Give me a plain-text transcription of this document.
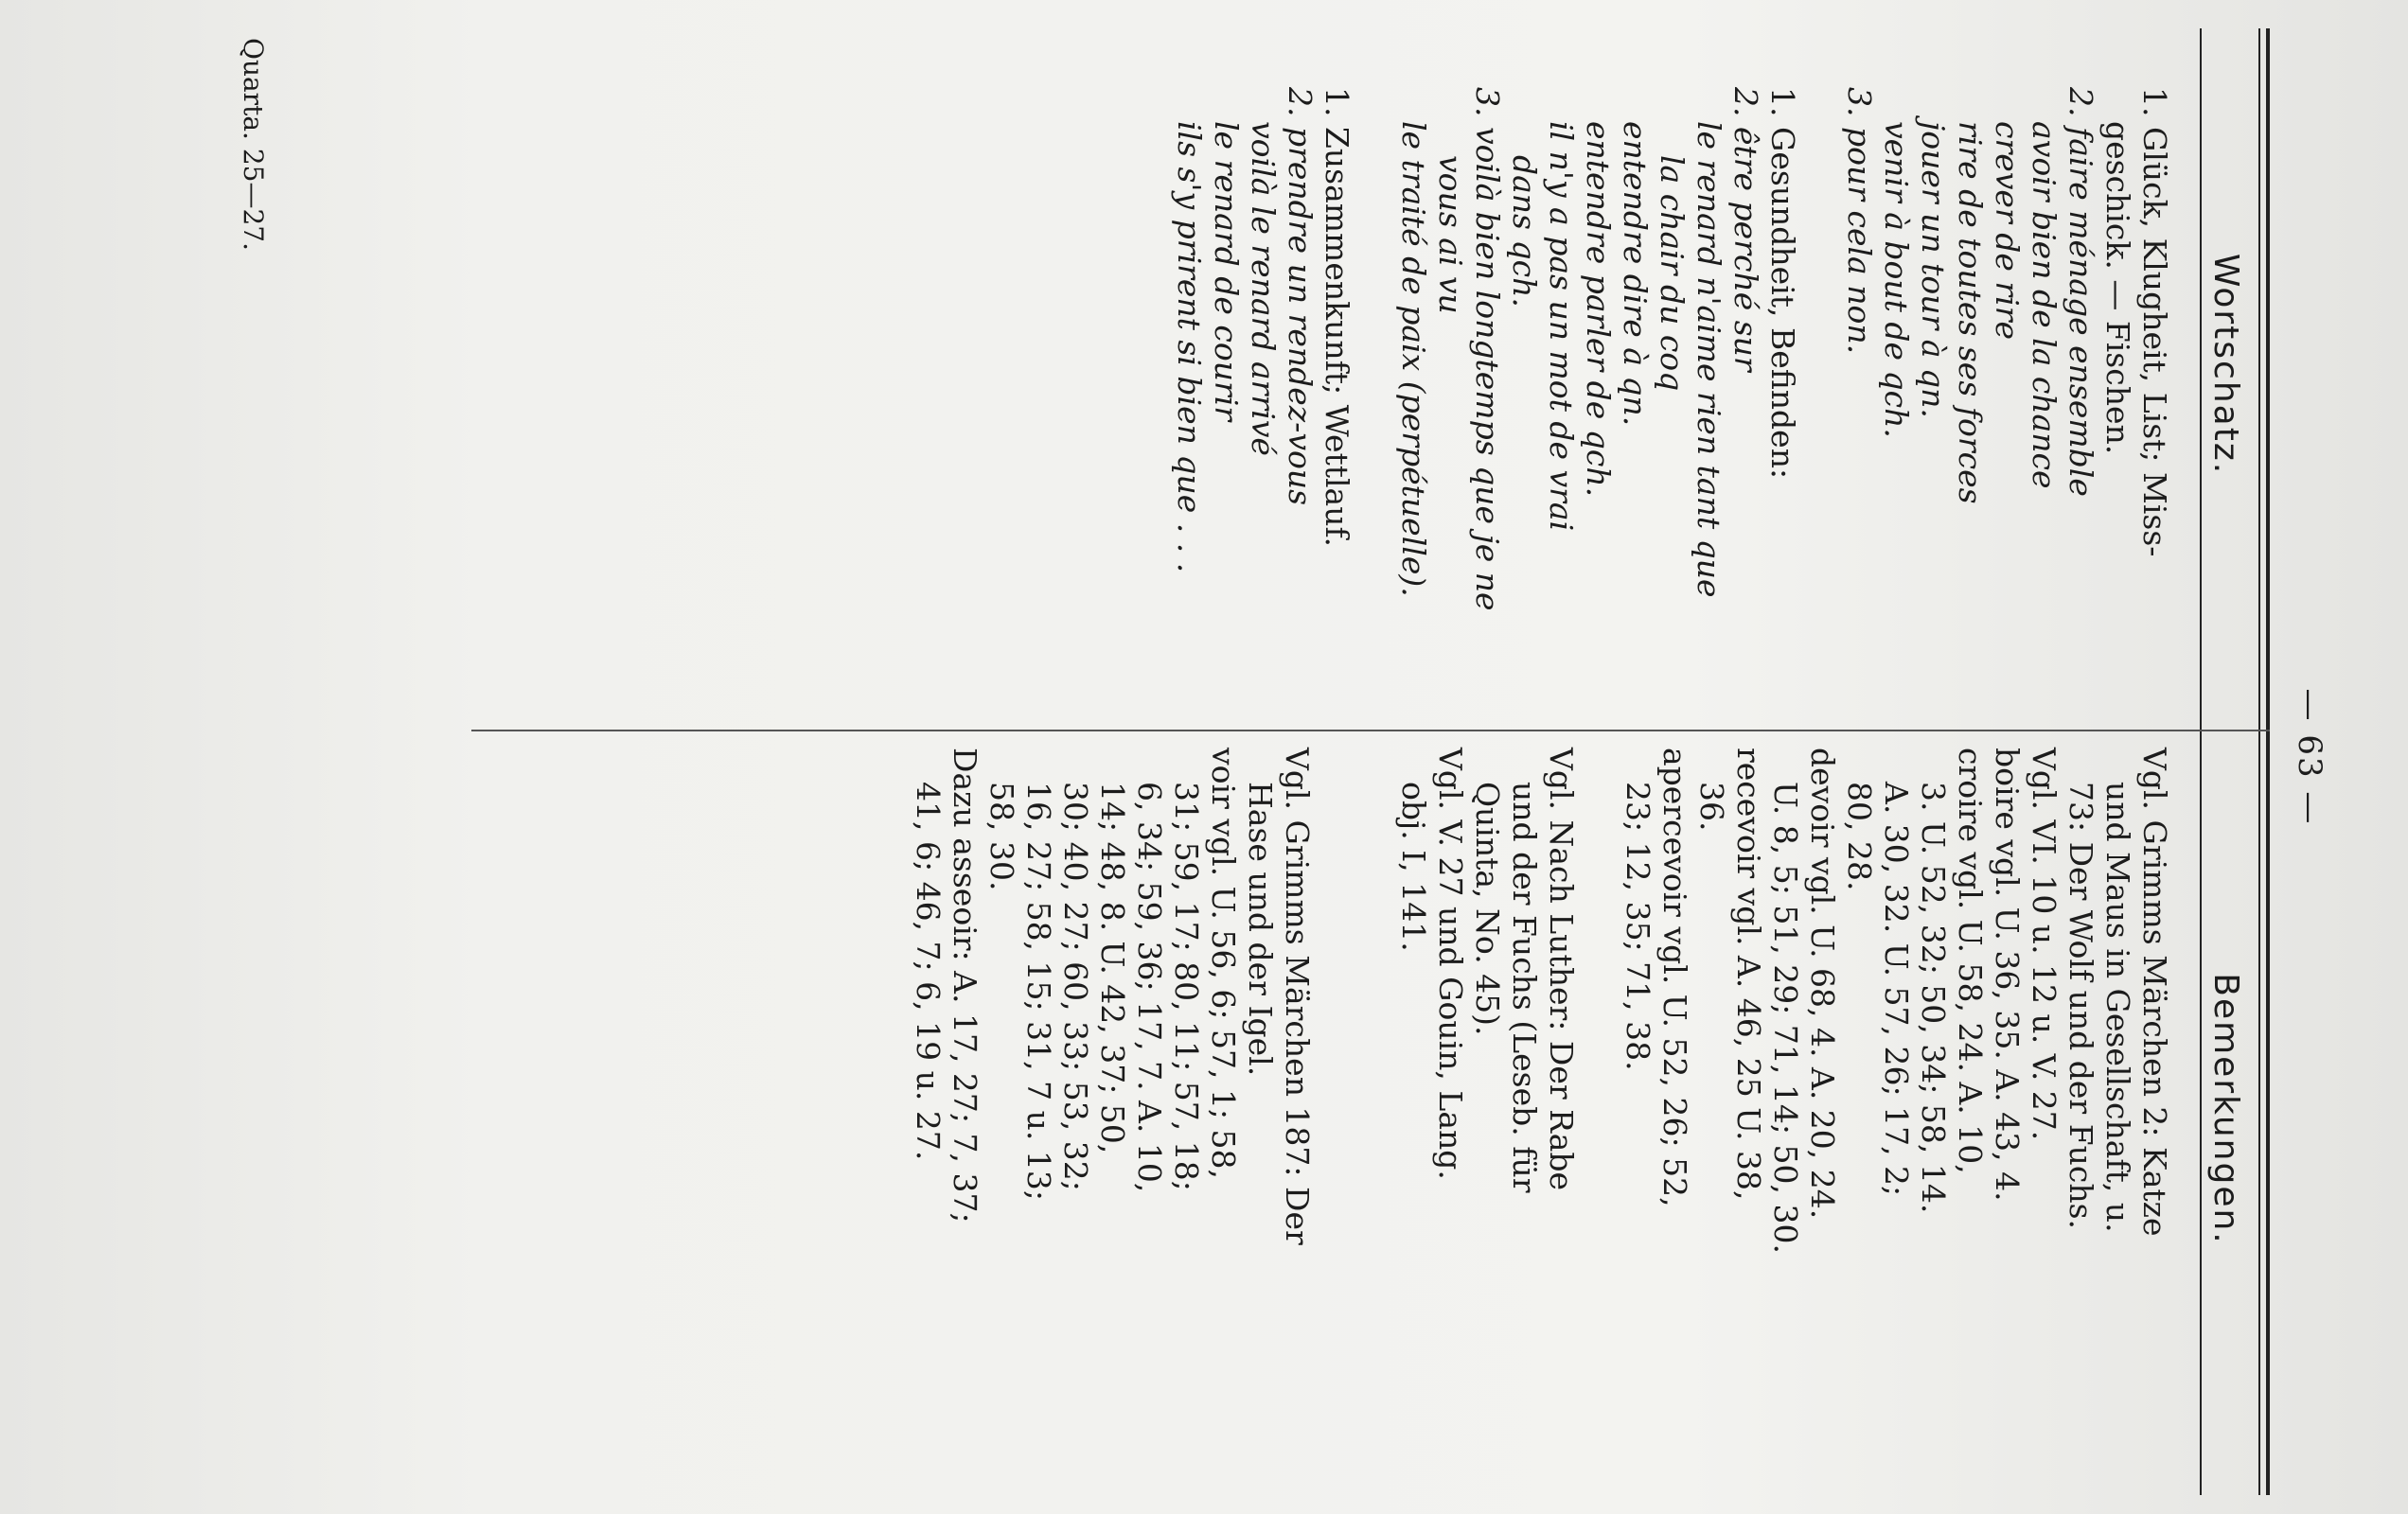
— 63 —
Quarta. 25—27.
Wortschatz.
Bemerkungen.
1. Glück, Klugheit, List; Miss-
geschick. — Fischen.
2. faire ménage ensemble
avoir bien de la chance
crever de rire
rire de toutes ses forces
jouer un tour à qn.
venir à bout de qch.
3. pour cela non.
1. Gesundheit, Befinden:
2. être perché sur
le renard n'aime rien tant que
la chair du coq
entendre dire à qn.
entendre parler de qch.
il n'y a pas un mot de vrai
dans qch.
3. voilà bien longtemps que je ne
vous ai vu
le traité de paix (perpétuelle).
1. Zusammenkunft; Wettlauf.
2. prendre un rendez-vous
voilà le renard arrivé
le renard de courir
ils s'y prirent si bien que . . .
Vgl. Grimms Märchen 2: Katze
und Maus in Gesellschaft, u.
73: Der Wolf und der Fuchs.
Vgl. VI. 10 u. 12 u. V. 27.
boire vgl. U. 36, 35. A. 43, 4.
croire vgl. U. 58, 24. A. 10,
3. U. 52, 32; 50, 34; 58, 14.
A. 30, 32. U. 57, 26; 17, 2;
80, 28.
devoir vgl. U. 68, 4. A. 20, 24.
U. 8, 5; 51, 29; 71, 14; 50, 30.
recevoir vgl. A. 46, 25 U. 38,
36.
apercevoir vgl. U. 52, 26; 52,
23; 12, 35; 71, 38.
Vgl. Nach Luther: Der Rabe
und der Fuchs (Leseb. für
Quinta, No. 45).
Vgl. V. 27 und Gouin, Lang.
obj. I, 141.
Vgl. Grimms Märchen 187: Der
Hase und der Igel.
voir vgl. U. 56, 6; 57, 1; 58,
31; 59, 17; 80, 11; 57, 18;
6, 34; 59, 36; 17, 7. A. 10,
14; 48, 8. U. 42, 37; 50,
30; 40, 27; 60, 33; 53, 32;
16, 27; 58, 15; 31, 7 u. 13;
58, 30.
Dazu asseoir: A. 17, 27; 7, 37;
41, 6; 46, 7; 6, 19 u. 27.
